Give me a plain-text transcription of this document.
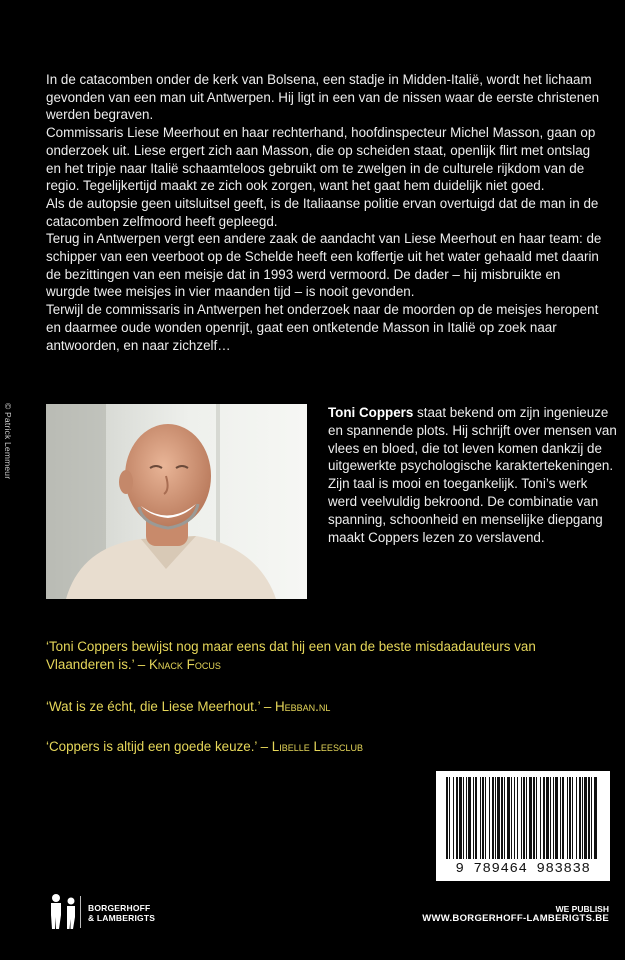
In de catacomben onder de kerk van Bolsena, een stadje in Midden-Italië, wordt het lichaam gevonden van een man uit Antwerpen. Hij ligt in een van de nissen waar de eerste christenen werden begraven.

Commissaris Liese Meerhout en haar rechterhand, hoofdinspecteur Michel Masson, gaan op onderzoek uit. Liese ergert zich aan Masson, die op scheiden staat, openlijk flirt met ontslag en het tripje naar Italië schaamteloos gebruikt om te zwelgen in de culturele rijkdom van de regio. Tegelijkertijd maakt ze zich ook zorgen, want het gaat hem duidelijk niet goed.

Als de autopsie geen uitsluitsel geeft, is de Italiaanse politie ervan overtuigd dat de man in de catacomben zelfmoord heeft gepleegd.

Terug in Antwerpen vergt een andere zaak de aandacht van Liese Meerhout en haar team: de schipper van een veerboot op de Schelde heeft een koffertje uit het water gehaald met daarin de bezittingen van een meisje dat in 1993 werd vermoord. De dader – hij misbruikte en wurgde twee meisjes in vier maanden tijd – is nooit gevonden.

Terwijl de commissaris in Antwerpen het onderzoek naar de moorden op de meisjes heropent en daarmee oude wonden openrijt, gaat een ontketende Masson in Italië op zoek naar antwoorden, en naar zichzelf…

© Patrick Lemmeur	Toni Coppers staat bekend om zijn ingenieuze en spannende plots. Hij schrijft over mensen van vlees en bloed, die tot leven komen dankzij de uitgewerkte psychologische karaktertekeningen. Zijn taal is mooi en toegankelijk. Toni’s werk werd veelvuldig bekroond. De combinatie van spanning, schoonheid en menselijke diepgang maakt Coppers lezen zo verslavend.
‘Toni Coppers bewijst nog maar eens dat hij een van de beste misdaadauteurs van Vlaanderen is.’ – Knack Focus
‘Wat is ze écht, die Liese Meerhout.’ – Hebban.nl
‘Coppers is altijd een goede keuze.’ – Libelle Leesclub
9 789464 983838
BORGERHOFF
& LAMBERIGTS
WE PUBLISH
WWW.BORGERHOFF-LAMBERIGTS.BE
